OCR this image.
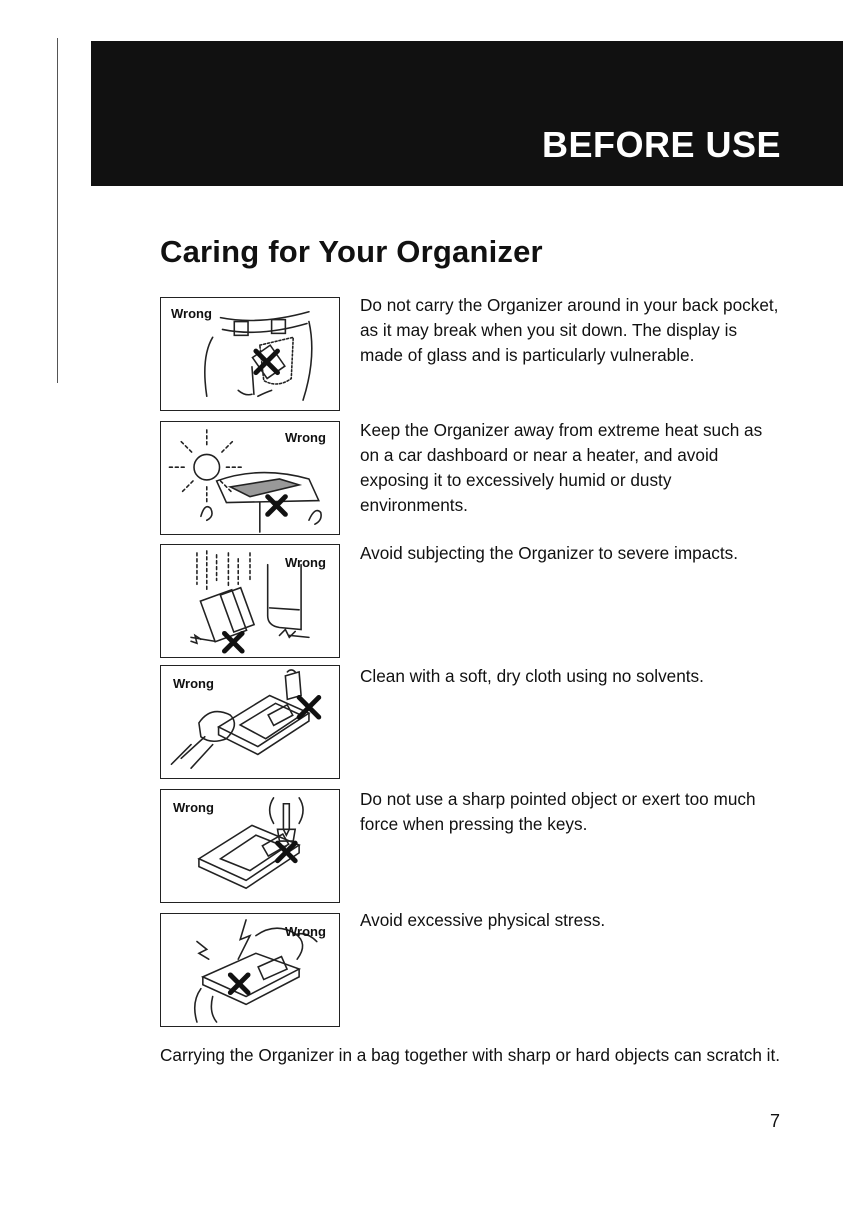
BEFORE USE
Caring for Your Organizer
Wrong	Do not carry the Organizer around in your back pocket, as it may break when you sit down. The display is made of glass and is particularly vulnerable.

Wrong Keep the Organizer away from extreme heat such as on a car dashboard or near a heater, and avoid exposing it to excessively humid or dusty environments.

Wrong Avoid subjecting the Organizer to severe impacts.

Wrong	Clean with a soft, dry cloth using no solvents.

Wrong	Do not use a sharp pointed object or exert too much force when pressing the keys.

Wrong

Avoid excessive physical stress.

Carrying the Organizer in a bag together with sharp or hard objects can scratch it.

7
